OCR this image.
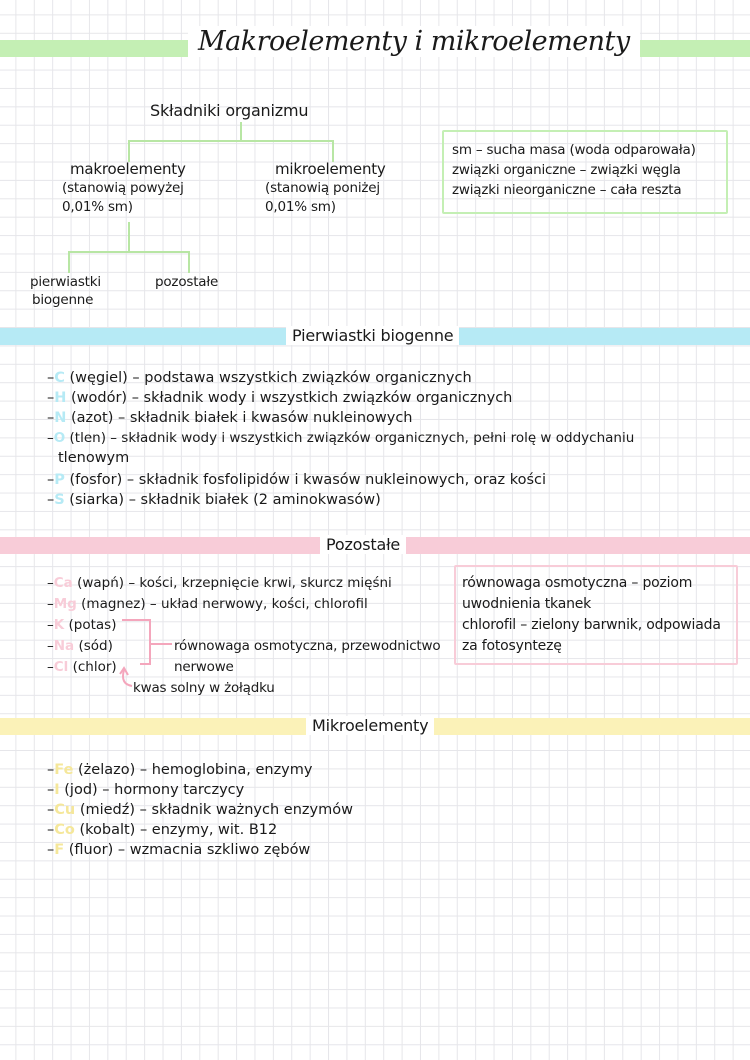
Makroelementy i mikroelementy
Składniki organizmu
makroelementy
(stanowią powyżej
0,01% sm)
mikroelementy
(stanowią poniżej
0,01% sm)
pierwiastki
biogenne
pozostałe
sm – sucha masa (woda odparowała)
związki organiczne – związki węgla
związki nieorganiczne – cała reszta
Pierwiastki biogenne
–C (węgiel) – podstawa wszystkich związków organicznych
–H (wodór) – składnik wody i wszystkich związków organicznych
–N (azot) – składnik białek i kwasów nukleinowych
–O (tlen) – składnik wody i wszystkich związków organicznych, pełni rolę w oddychaniu
tlenowym
–P (fosfor) – składnik fosfolipidów i kwasów nukleinowych, oraz kości
–S (siarka) – składnik białek (2 aminokwasów)
Pozostałe
–Ca (wapń) – kości, krzepnięcie krwi, skurcz mięśni
–Mg (magnez) – układ nerwowy, kości, chlorofil
–K (potas)
–Na (sód)
–Cl (chlor)
równowaga osmotyczna, przewodnictwo
nerwowe
kwas solny w żołądku
równowaga osmotyczna – poziom
uwodnienia tkanek
chlorofil – zielony barwnik, odpowiada
za fotosyntezę
Mikroelementy
–Fe (żelazo) – hemoglobina, enzymy
–I (jod) – hormony tarczycy
–Cu (miedź) – składnik ważnych enzymów
–Co (kobalt) – enzymy, wit. B12
–F (fluor) – wzmacnia szkliwo zębów
